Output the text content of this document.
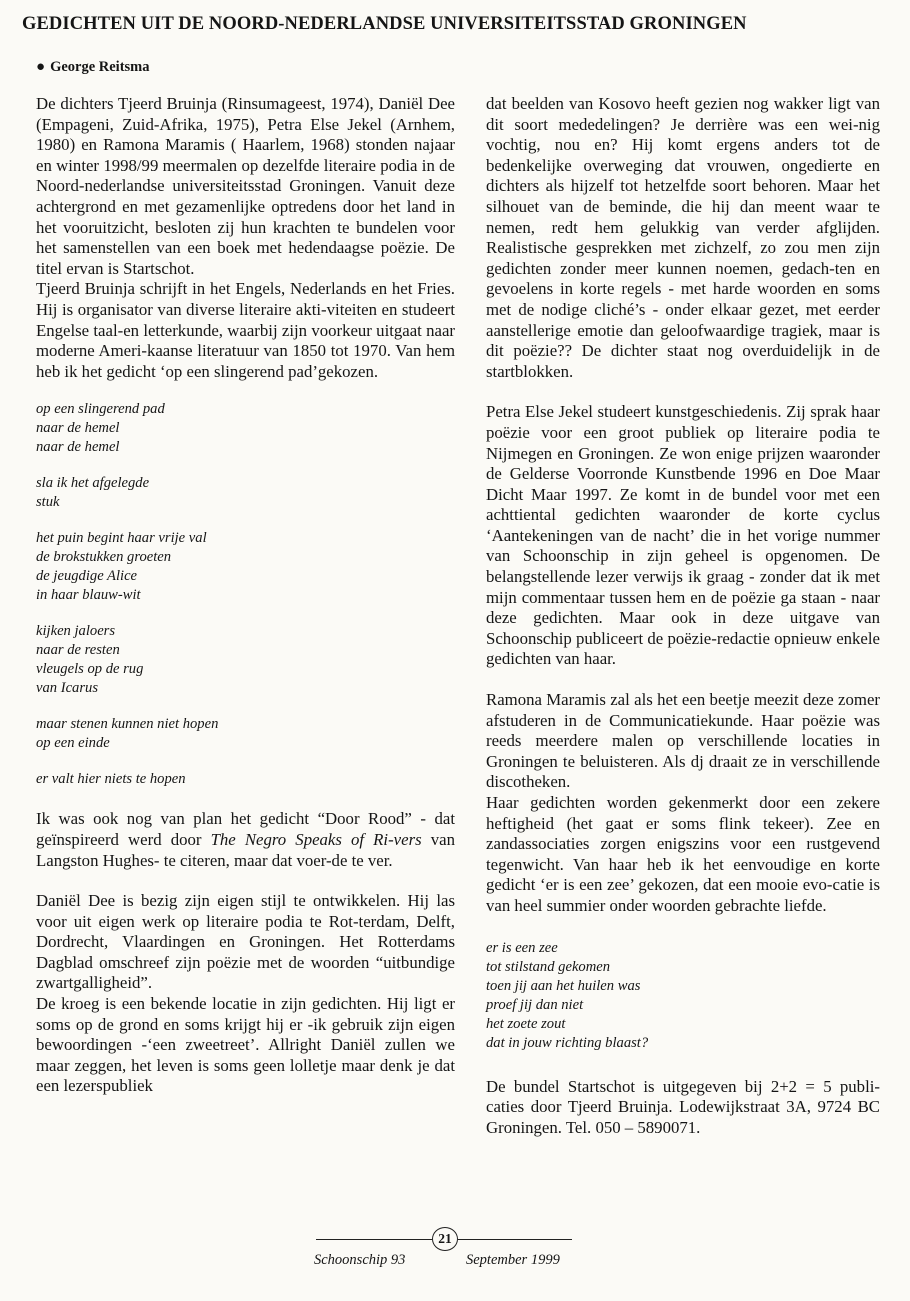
GEDICHTEN UIT DE NOORD-NEDERLANDSE UNIVERSITEITSSTAD GRONINGEN

● George Reitsma

De dichters Tjeerd Bruinja (Rinsumageest, 1974), Daniël Dee (Empageni, Zuid-Afrika, 1975), Petra Else Jekel (Arnhem, 1980) en Ramona Maramis ( Haarlem, 1968) stonden najaar en winter 1998/99 meermalen op dezelfde literaire podia in de Noord-nederlandse universiteitsstad Groningen. Vanuit deze achtergrond en met gezamenlijke optredens door het land in het vooruitzicht, besloten zij hun krachten te bundelen voor het samenstellen van een boek met hedendaagse poëzie. De titel ervan is Startschot.

Tjeerd Bruinja schrijft in het Engels, Nederlands en het Fries. Hij is organisator van diverse literaire akti-viteiten en studeert Engelse taal-en letterkunde, waarbij zijn voorkeur uitgaat naar moderne Ameri-kaanse literatuur van 1850 tot 1970. Van hem heb ik het gedicht ‘op een slingerend pad’gekozen.

op een slingerend pad
naar de hemel
naar de hemel

sla ik het afgelegde
stuk

het puin begint haar vrije val
de brokstukken groeten
de jeugdige Alice
in haar blauw-wit

kijken jaloers
naar de resten
vleugels op de rug
van Icarus

maar stenen kunnen niet hopen
op een einde

er valt hier niets te hopen

Ik was ook nog van plan het gedicht “Door Rood” - dat geïnspireerd werd door The Negro Speaks of Ri-vers van Langston Hughes- te citeren, maar dat voer-de te ver.

Daniël Dee is bezig zijn eigen stijl te ontwikkelen. Hij las voor uit eigen werk op literaire podia te Rot-terdam, Delft, Dordrecht, Vlaardingen en Groningen. Het Rotterdams Dagblad omschreef zijn poëzie met de woorden “uitbundige zwartgalligheid”.

De kroeg is een bekende locatie in zijn gedichten. Hij ligt er soms op de grond en soms krijgt hij er -ik gebruik zijn eigen bewoordingen -‘een zweetreet’. Allright Daniël zullen we maar zeggen, het leven is soms geen lolletje maar denk je dat een lezerspubliek

dat beelden van Kosovo heeft gezien nog wakker ligt van dit soort mededelingen? Je derrière was een wei-nig vochtig, nou en? Hij komt ergens anders tot de bedenkelijke overweging dat vrouwen, ongedierte en dichters als hijzelf tot hetzelfde soort behoren. Maar het silhouet van de beminde, die hij dan meent waar te nemen, redt hem gelukkig van verder afglijden. Realistische gesprekken met zichzelf, zo zou men zijn gedichten zonder meer kunnen noemen, gedach-ten en gevoelens in korte regels - met harde woorden en soms met de nodige cliché’s - onder elkaar gezet, met eerder aanstellerige emotie dan geloofwaardige tragiek, maar is dit poëzie?? De dichter staat nog overduidelijk in de startblokken.

Petra Else Jekel studeert kunstgeschiedenis. Zij sprak haar poëzie voor een groot publiek op literaire podia te Nijmegen en Groningen. Ze won enige prijzen waaronder de Gelderse Voorronde Kunstbende 1996 en Doe Maar Dicht Maar 1997. Ze komt in de bundel voor met een achttiental gedichten waaronder de korte cyclus ‘Aantekeningen van de nacht’ die in het vorige nummer van Schoonschip in zijn geheel is opgenomen. De belangstellende lezer verwijs ik graag - zonder dat ik met mijn commentaar tussen hem en de poëzie ga staan - naar deze gedichten. Maar ook in deze uitgave van Schoonschip publiceert de poëzie-redactie opnieuw enkele gedichten van haar.

Ramona Maramis zal als het een beetje meezit deze zomer afstuderen in de Communicatiekunde. Haar poëzie was reeds meerdere malen op verschillende locaties in Groningen te beluisteren. Als dj draait ze in verschillende discotheken.

Haar gedichten worden gekenmerkt door een zekere heftigheid (het gaat er soms flink tekeer). Zee en zandassociaties zorgen enigszins voor een rustgevend tegenwicht. Van haar heb ik het eenvoudige en korte gedicht ‘er is een zee’ gekozen, dat een mooie evo-catie is van heel summier onder woorden gebrachte liefde.

er is een zee
tot stilstand gekomen
toen jij aan het huilen was
proef jij dan niet
het zoete zout
dat in jouw richting blaast?

De bundel Startschot is uitgegeven bij 2+2 = 5 publi-caties door Tjeerd Bruinja. Lodewijkstraat 3A, 9724 BC Groningen. Tel. 050 – 5890071.

21
Schoonschip 93	September 1999
